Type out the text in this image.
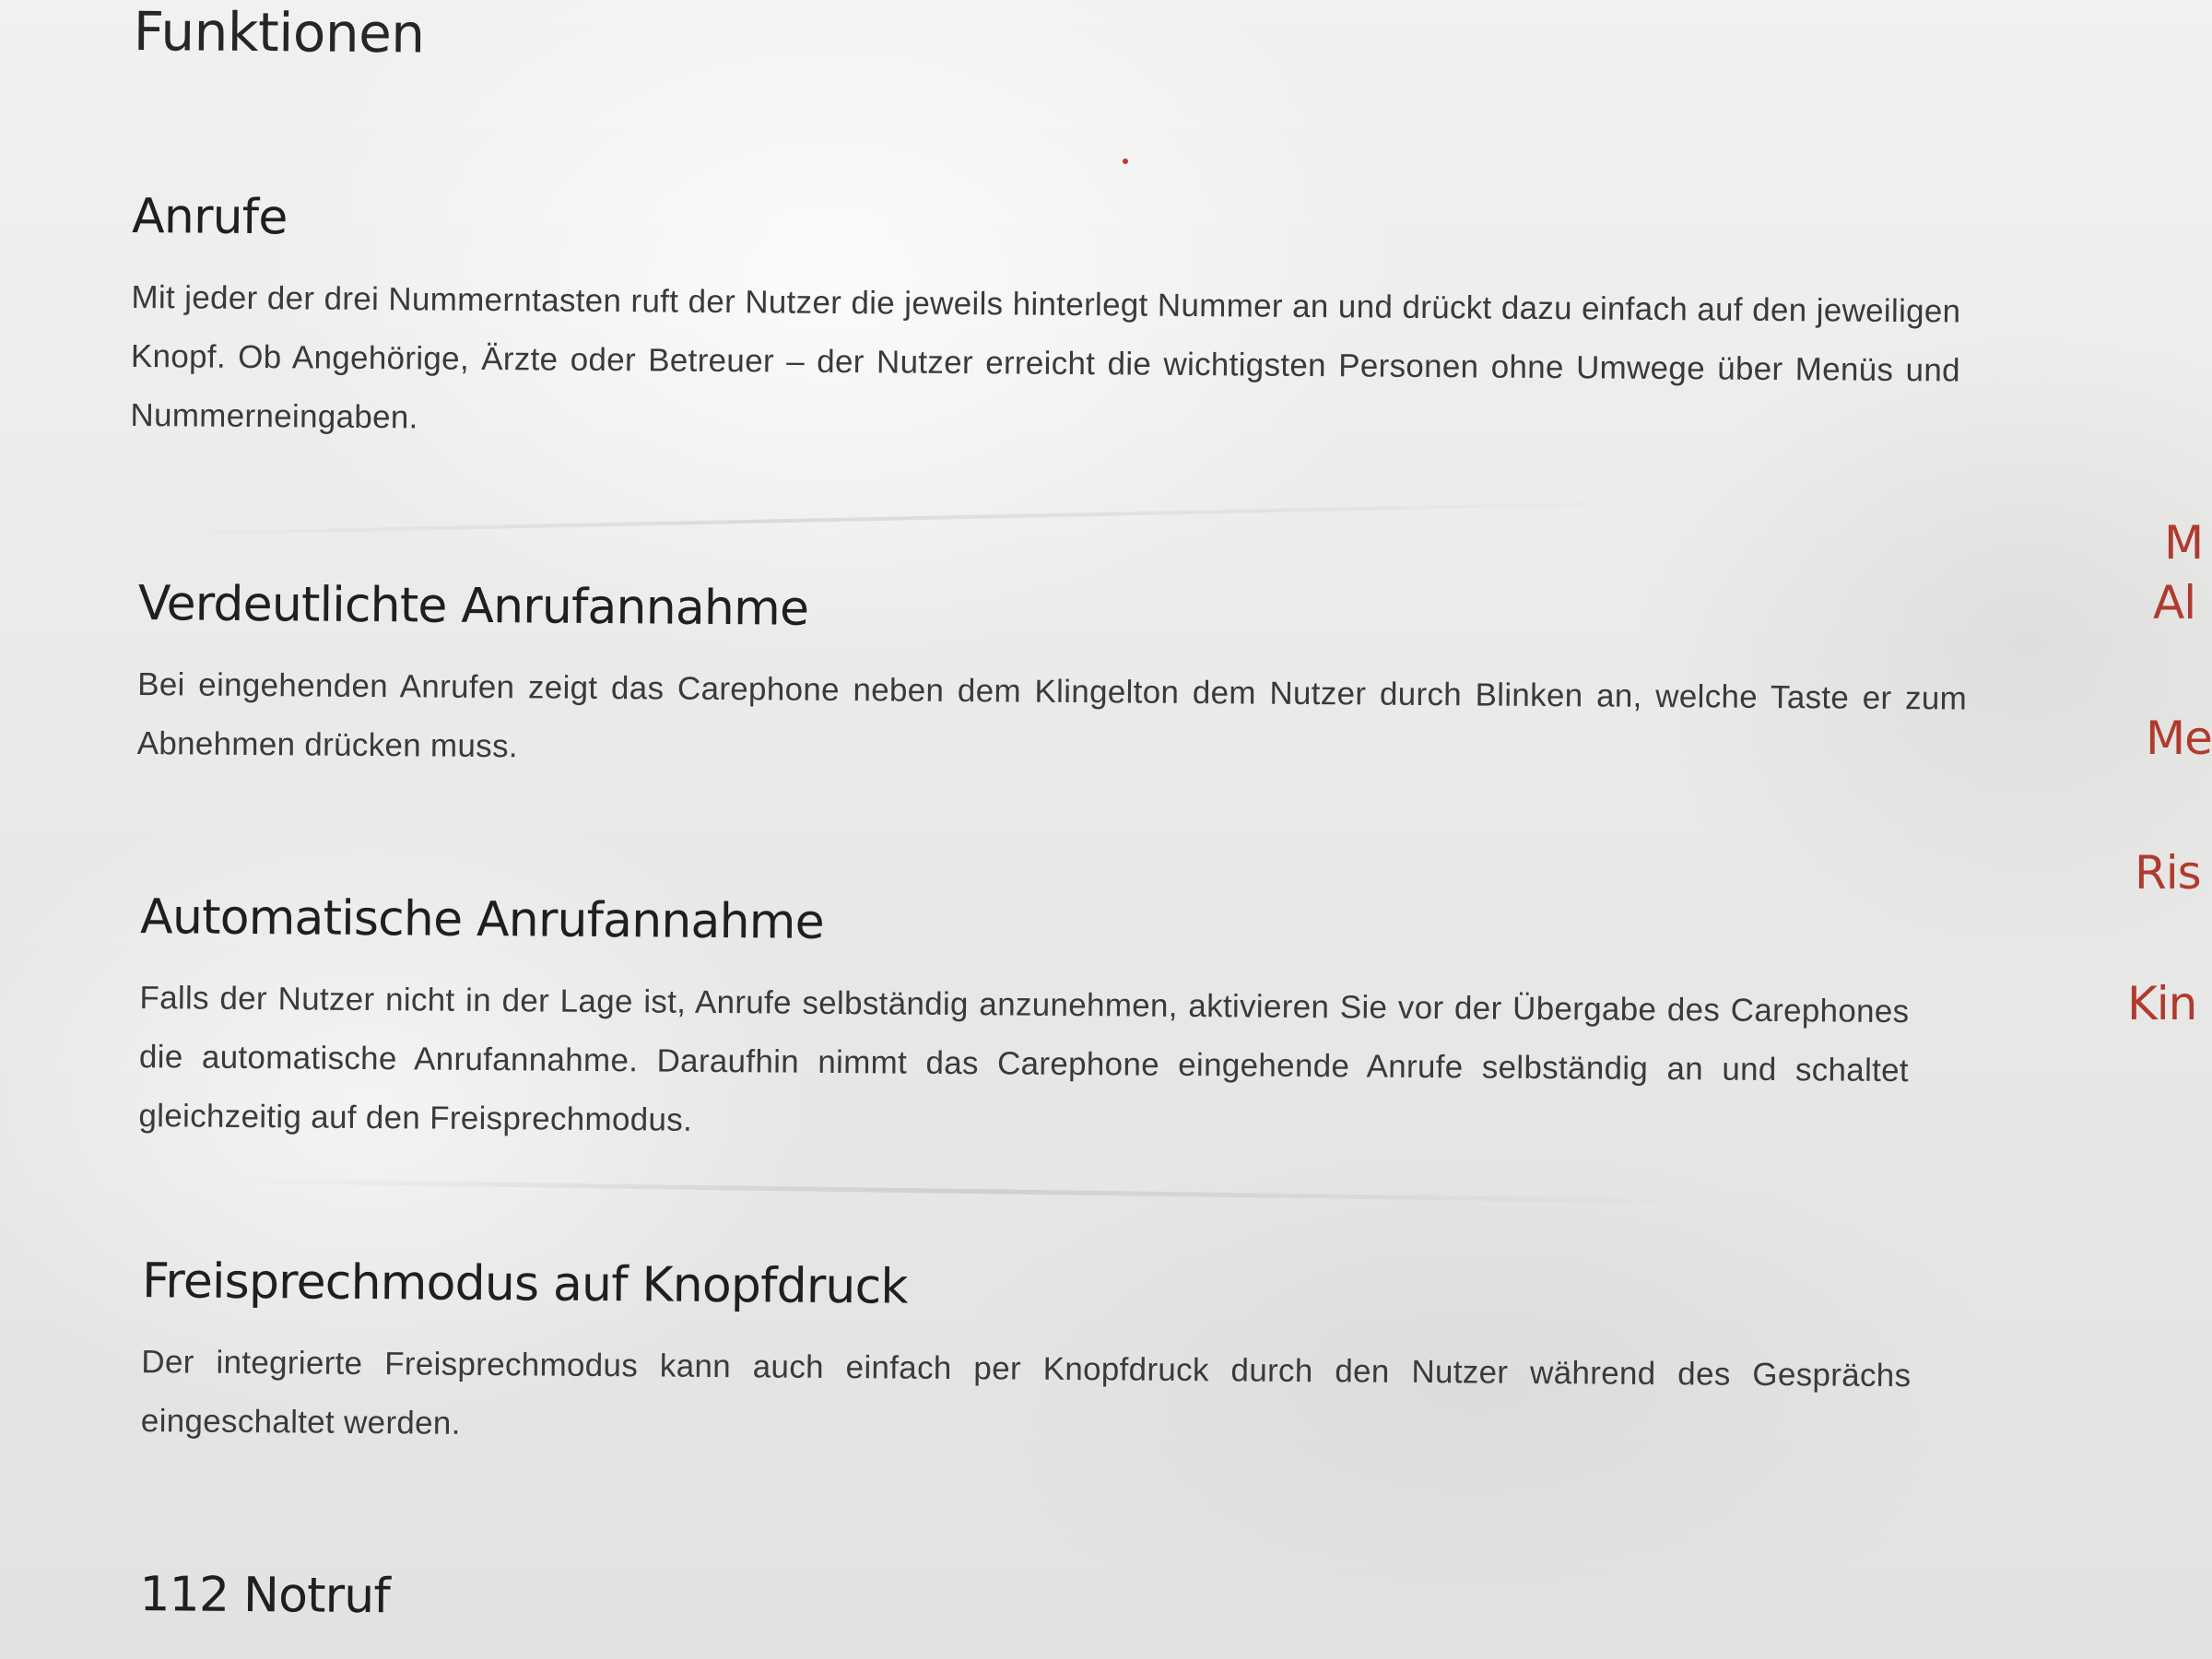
Funktionen
Anrufe

Mit jeder der drei Nummerntasten ruft der Nutzer die jeweils hinterlegt Nummer an und drückt dazu einfach auf den jeweiligen Knopf. Ob Angehörige, Ärzte oder Betreuer – der Nutzer erreicht die wichtigsten Personen ohne Umwege über Menüs und Nummerneingaben.

Verdeutlichte Anrufannahme

Bei eingehenden Anrufen zeigt das Carephone neben dem Klingelton dem Nutzer durch Blinken an, welche Taste er zum Abnehmen drücken muss.

Automatische Anrufannahme

Falls der Nutzer nicht in der Lage ist, Anrufe selbständig anzunehmen, aktivieren Sie vor der Übergabe des Carephones die automatische Anrufannahme. Daraufhin nimmt das Carephone eingehende Anrufe selbständig an und schaltet gleichzeitig auf den Freisprechmodus.

Freisprechmodus auf Knopfdruck

Der integrierte Freisprechmodus kann auch einfach per Knopfdruck durch den Nutzer während des Gesprächs eingeschaltet werden.

112 Notruf
M
Al
Me
Ris
Kin
